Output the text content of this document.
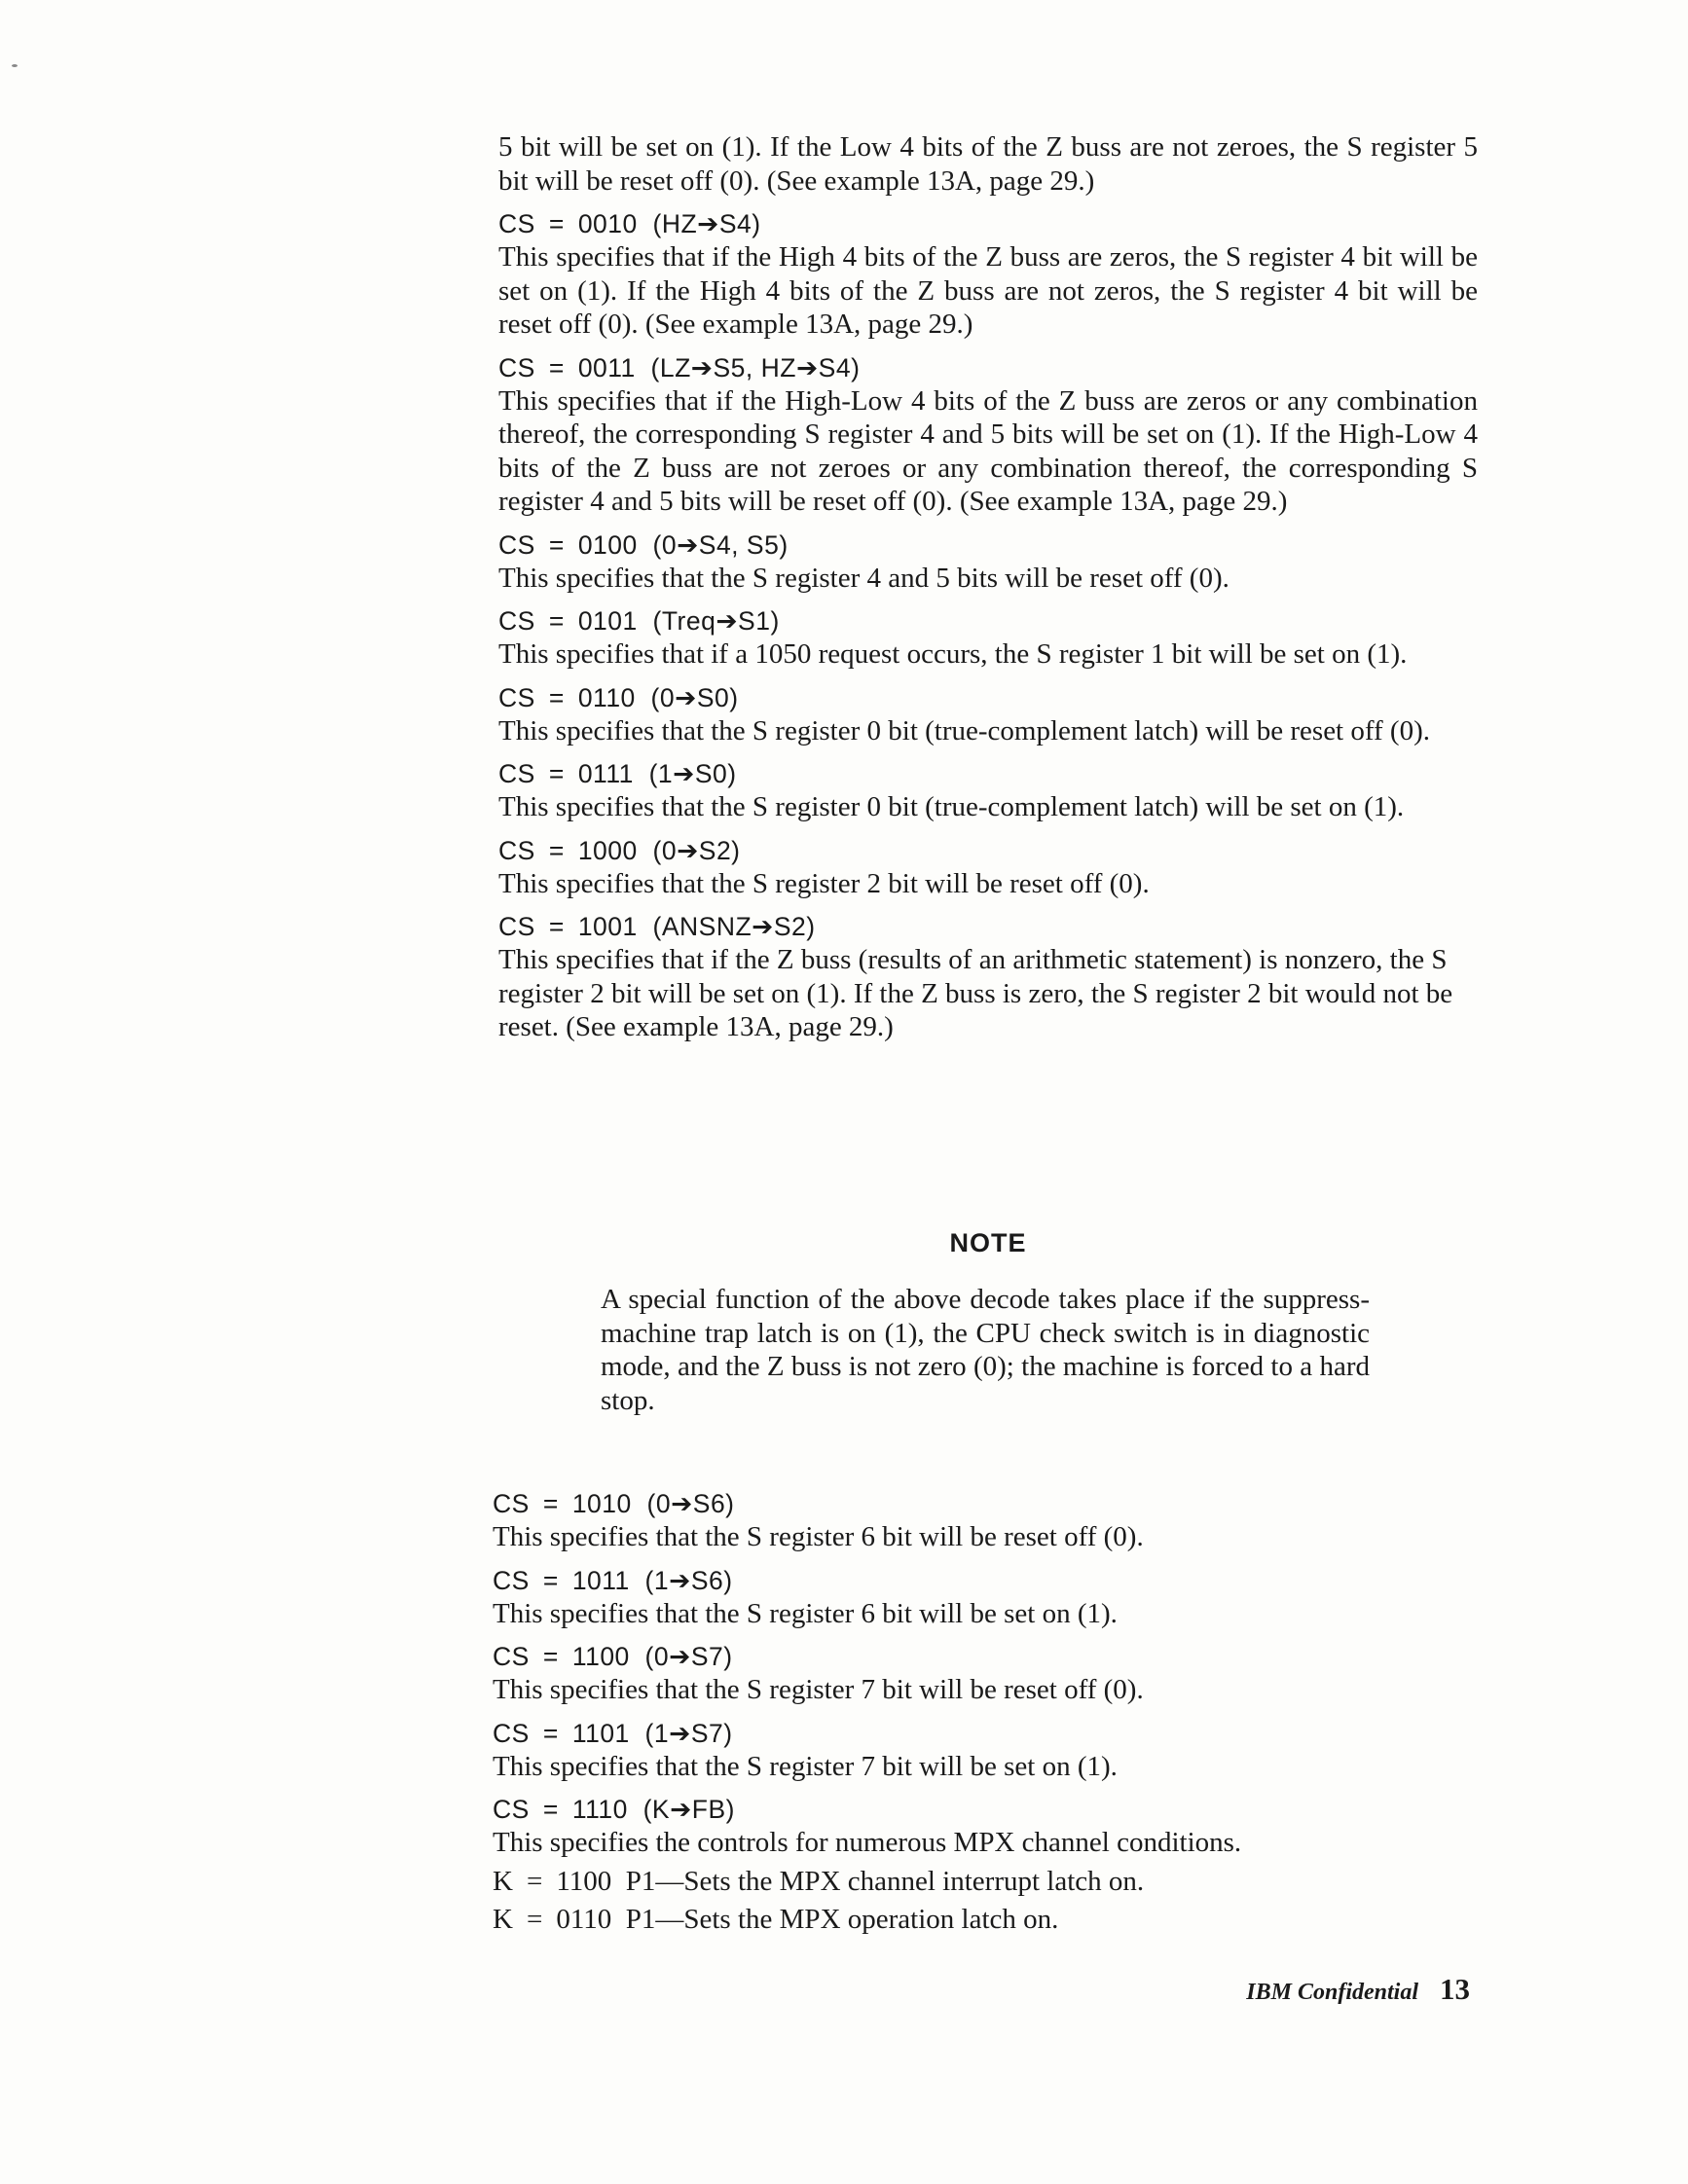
5 bit will be set on (1). If the Low 4 bits of the Z buss are not zeroes, the S register 5 bit will be reset off (0). (See example 13A, page 29.)

CS = 0010 (HZ➔S4)

This specifies that if the High 4 bits of the Z buss are zeros, the S register 4 bit will be set on (1). If the High 4 bits of the Z buss are not zeros, the S register 4 bit will be reset off (0). (See example 13A, page 29.)

CS = 0011 (LZ➔S5, HZ➔S4)

This specifies that if the High-Low 4 bits of the Z buss are zeros or any combination thereof, the corresponding S register 4 and 5 bits will be set on (1). If the High-Low 4 bits of the Z buss are not zeroes or any combination thereof, the corresponding S register 4 and 5 bits will be reset off (0). (See example 13A, page 29.)

CS = 0100 (0➔S4, S5)

This specifies that the S register 4 and 5 bits will be reset off (0).

CS = 0101 (Treq➔S1)

This specifies that if a 1050 request occurs, the S register 1 bit will be set on (1).

CS = 0110 (0➔S0)

This specifies that the S register 0 bit (true-complement latch) will be reset off (0).

CS = 0111 (1➔S0)

This specifies that the S register 0 bit (true-complement latch) will be set on (1).

CS = 1000 (0➔S2)

This specifies that the S register 2 bit will be reset off (0).

CS = 1001 (ANSNZ➔S2)

This specifies that if the Z buss (results of an arithmetic statement) is nonzero, the S register 2 bit will be set on (1). If the Z buss is zero, the S register 2 bit would not be reset. (See example 13A, page 29.)

NOTE

A special function of the above decode takes place if the suppress-machine trap latch is on (1), the CPU check switch is in diagnostic mode, and the Z buss is not zero (0); the machine is forced to a hard stop.

CS = 1010 (0➔S6)

This specifies that the S register 6 bit will be reset off (0).

CS = 1011 (1➔S6)

This specifies that the S register 6 bit will be set on (1).

CS = 1100 (0➔S7)

This specifies that the S register 7 bit will be reset off (0).

CS = 1101 (1➔S7)

This specifies that the S register 7 bit will be set on (1).

CS = 1110 (K➔FB)

This specifies the controls for numerous MPX channel conditions.

K = 1100 P1—Sets the MPX channel interrupt latch on.

K = 0110 P1—Sets the MPX operation latch on.

IBM Confidential 13
